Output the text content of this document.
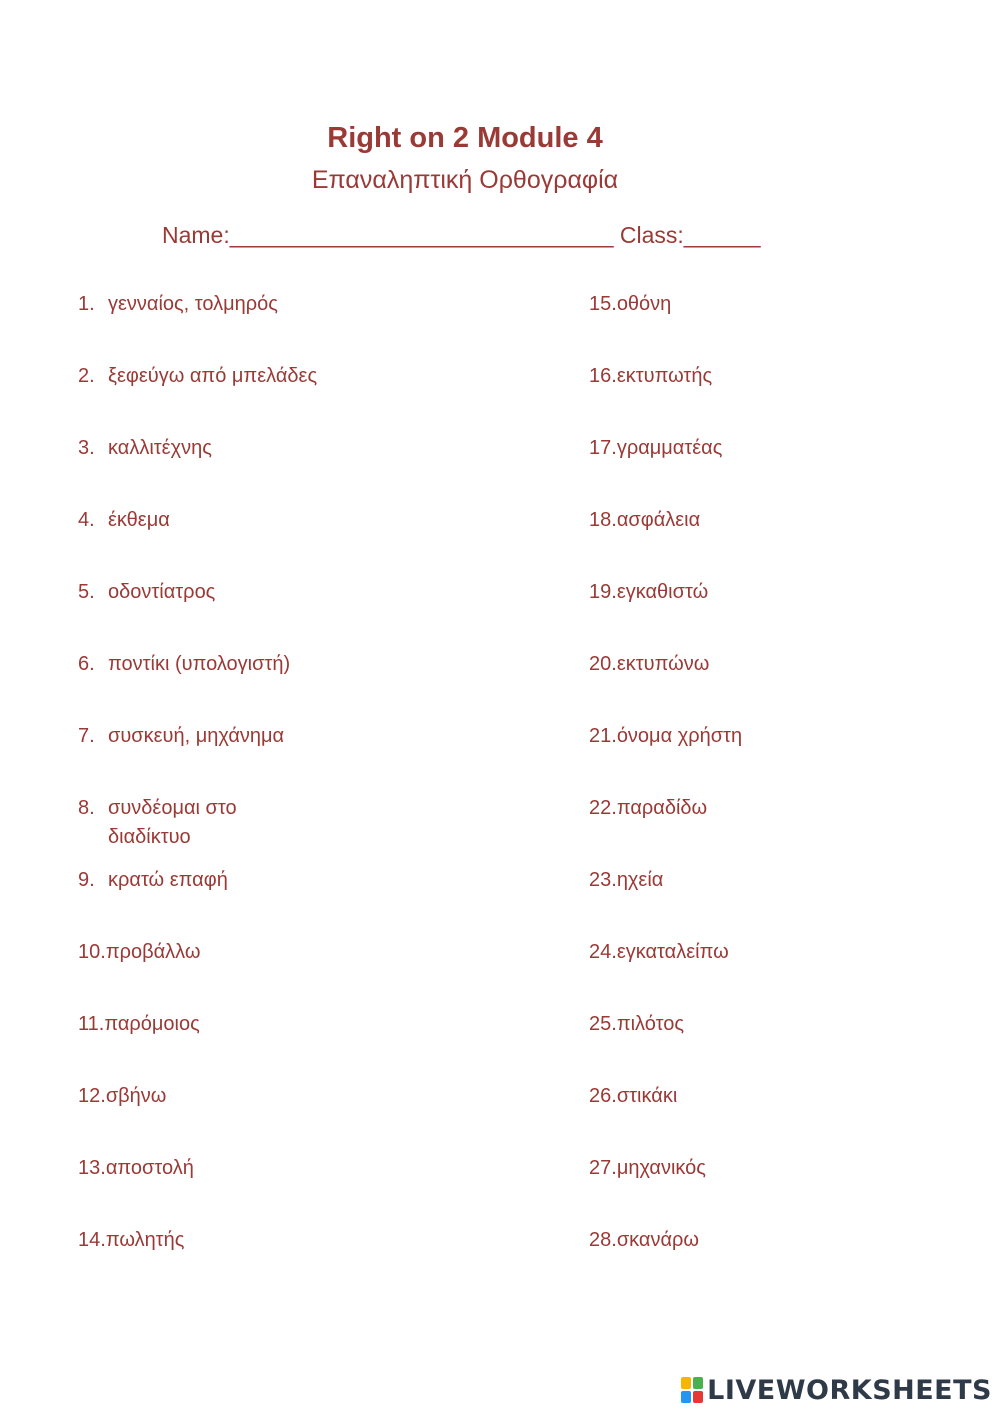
Right on 2 Module 4
Επαναληπτική Ορθογραφία
Name:______________________________ Class:______
1. γενναίος, τολμηρός
2. ξεφεύγω από μπελάδες
3. καλλιτέχνης
4. έκθεμα
5. οδοντίατρος
6. ποντίκι (υπολογιστή)
7. συσκευή, μηχάνημα
8. συνδέομαι στο διαδίκτυο
9. κρατώ επαφή
10.προβάλλω
11.παρόμοιος
12.σβήνω
13.αποστολή
14.πωλητής
15.οθόνη
16.εκτυπωτής
17.γραμματέας
18.ασφάλεια
19.εγκαθιστώ
20.εκτυπώνω
21.όνομα χρήστη
22.παραδίδω
23.ηχεία
24.εγκαταλείπω
25.πιλότος
26.στικάκι
27.μηχανικός
28.σκανάρω
LIVEWORKSHEETS
